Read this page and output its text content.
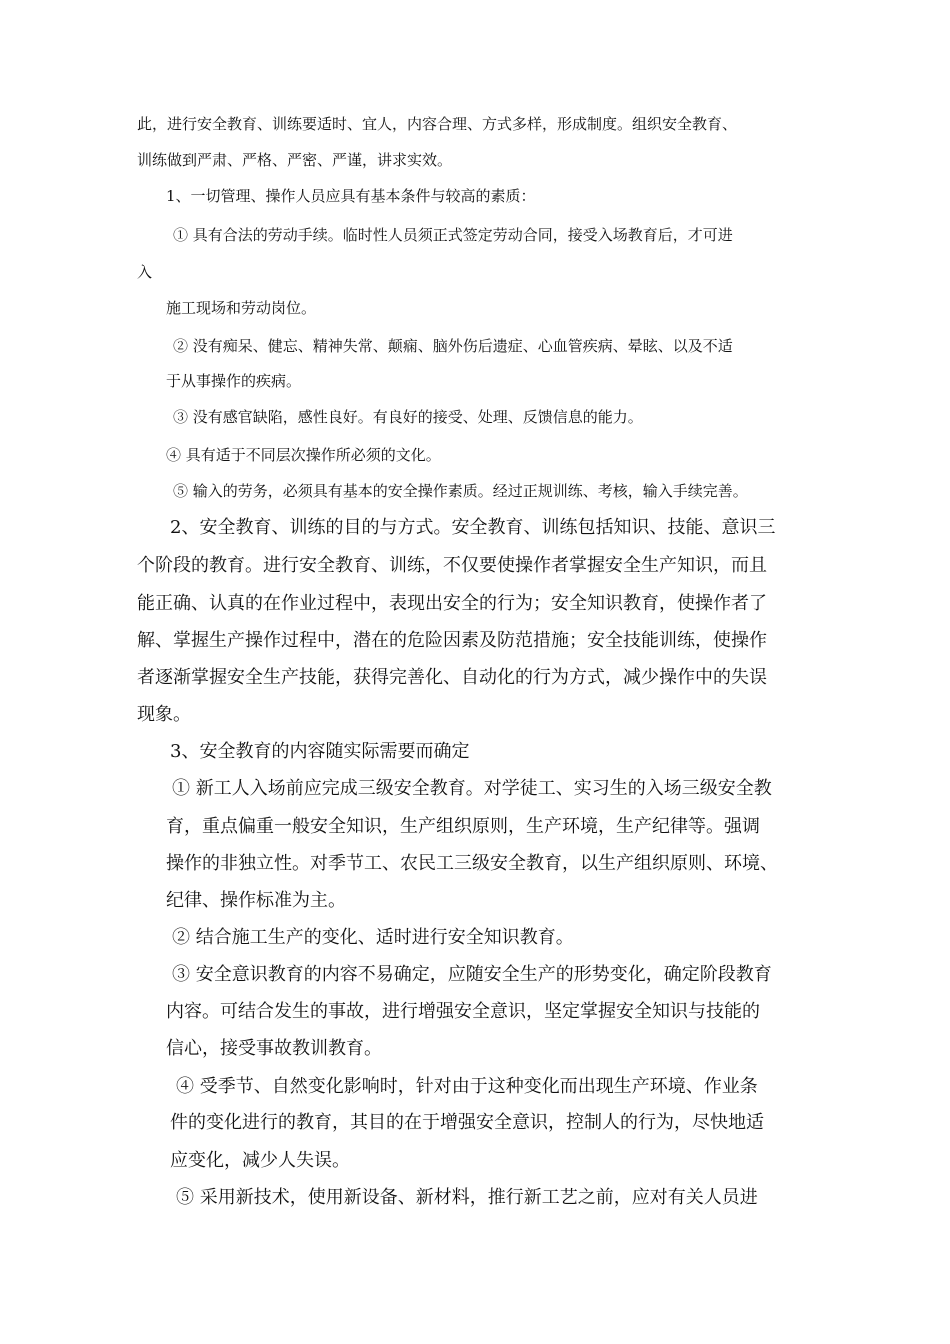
此，进行安全教育、训练要适时、宜人，内容合理、方式多样，形成制度。组织安全教育、

训练做到严肃、严格、严密、严谨，讲求实效。

1、一切管理、操作人员应具有基本条件与较高的素质：

① 具有合法的劳动手续。临时性人员须正式签定劳动合同，接受入场教育后，才可进

入

施工现场和劳动岗位。

② 没有痴呆、健忘、精神失常、颠痫、脑外伤后遗症、心血管疾病、晕眩、以及不适

于从事操作的疾病。

③ 没有感官缺陷，感性良好。有良好的接受、处理、反馈信息的能力。

④ 具有适于不同层次操作所必须的文化。

⑤ 输入的劳务，必须具有基本的安全操作素质。经过正规训练、考核，输入手续完善。

2、安全教育、训练的目的与方式。安全教育、训练包括知识、技能、意识三

个阶段的教育。进行安全教育、训练，不仅要使操作者掌握安全生产知识，而且

能正确、认真的在作业过程中，表现出安全的行为；安全知识教育，使操作者了

解、掌握生产操作过程中，潜在的危险因素及防范措施；安全技能训练，使操作

者逐渐掌握安全生产技能，获得完善化、自动化的行为方式，减少操作中的失误

现象。

3、安全教育的内容随实际需要而确定

① 新工人入场前应完成三级安全教育。对学徒工、实习生的入场三级安全教

育，重点偏重一般安全知识，生产组织原则，生产环境，生产纪律等。强调

操作的非独立性。对季节工、农民工三级安全教育，以生产组织原则、环境、

纪律、操作标准为主。

② 结合施工生产的变化、适时进行安全知识教育。

③ 安全意识教育的内容不易确定，应随安全生产的形势变化，确定阶段教育

内容。可结合发生的事故，进行增强安全意识，坚定掌握安全知识与技能的

信心，接受事故教训教育。

④ 受季节、自然变化影响时，针对由于这种变化而出现生产环境、作业条

件的变化进行的教育，其目的在于增强安全意识，控制人的行为，尽快地适

应变化，减少人失误。

⑤ 采用新技术，使用新设备、新材料，推行新工艺之前，应对有关人员进
